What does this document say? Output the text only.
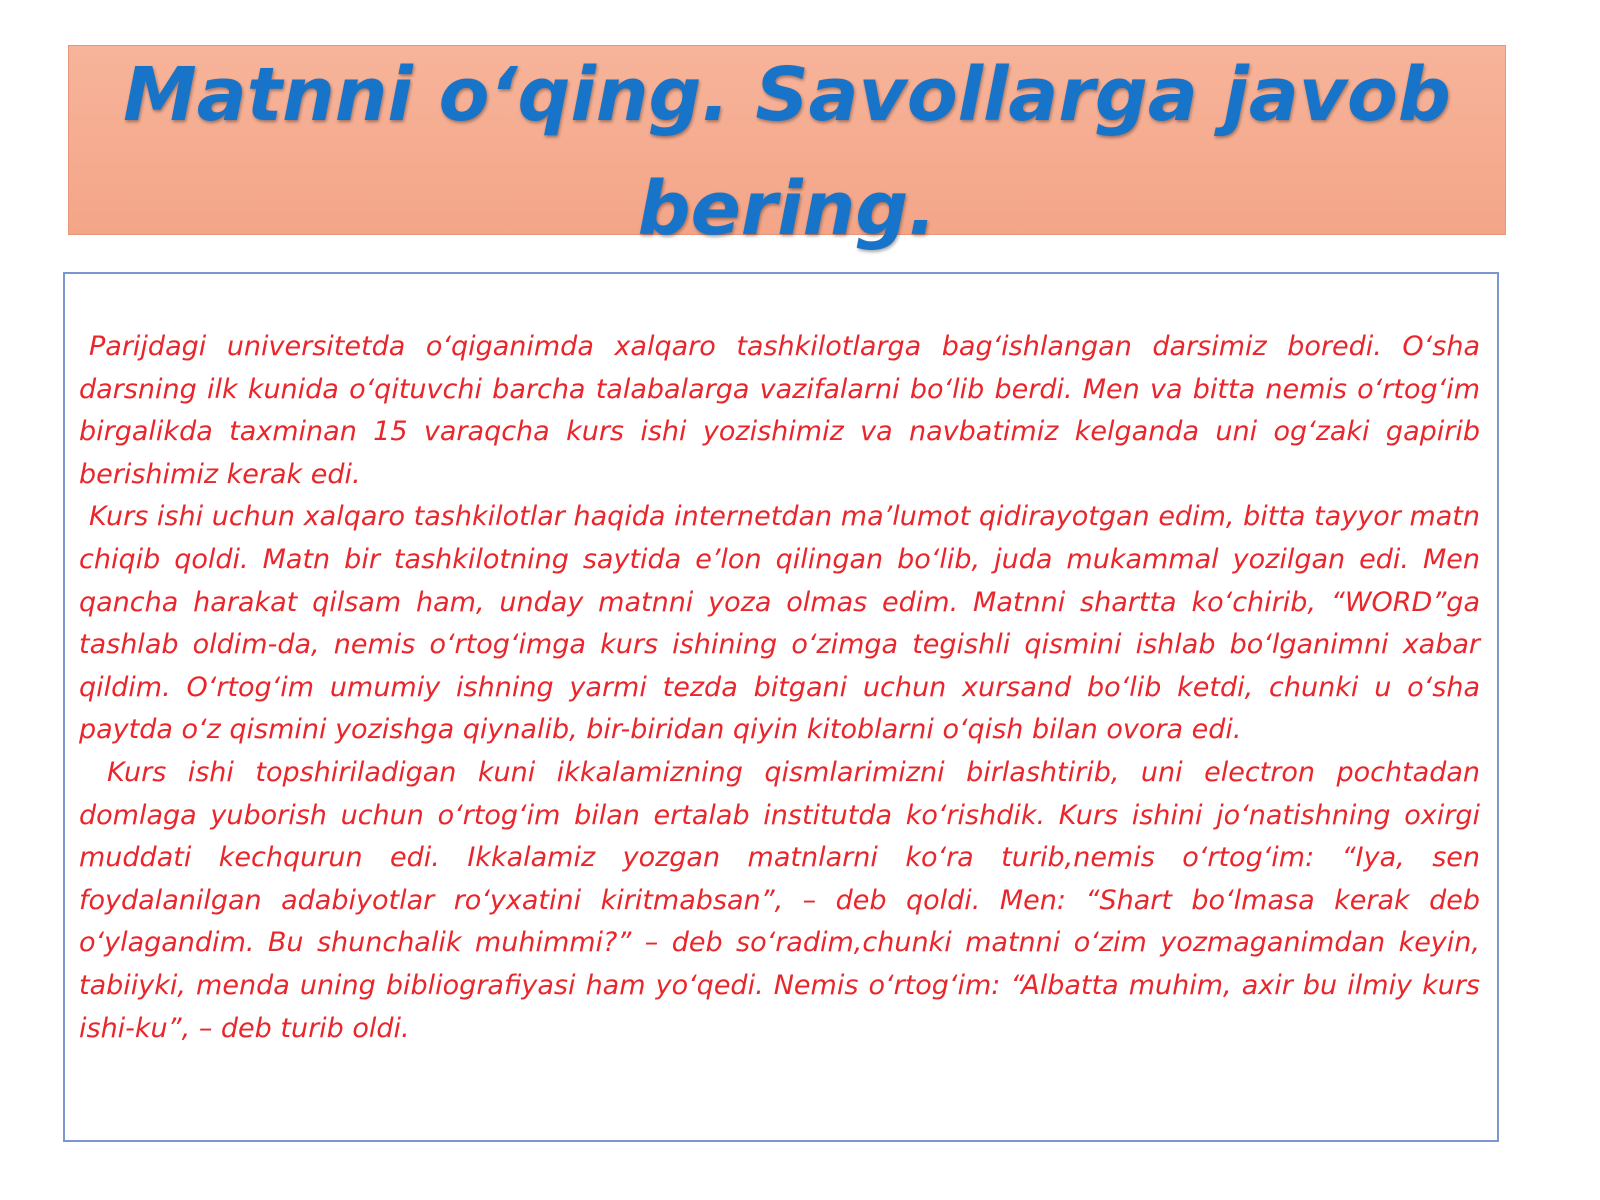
Matnni o‘qing. Savollarga javob bering.

Parijdagi universitetda o‘qiganimda xalqaro tashkilotlarga bag‘ishlangan darsimiz boredi. O‘sha darsning ilk kunida o‘qituvchi barcha talabalarga vazifalarni bo‘lib berdi. Men va bitta nemis o‘rtog‘im birgalikda taxminan 15 varaqcha kurs ishi yozishimiz va navbatimiz kelganda uni og‘zaki gapirib berishimiz kerak edi.

Kurs ishi uchun xalqaro tashkilotlar haqida internetdan ma’lumot qidirayotgan edim, bitta tayyor matn chiqib qoldi. Matn bir tashkilotning saytida e’lon qilingan bo‘lib, juda mukammal yozilgan edi. Men qancha harakat qilsam ham, unday matnni yoza olmas edim. Matnni shartta ko‘chirib, “WORD”ga tashlab oldim-da, nemis o‘rtog‘imga kurs ishining o‘zimga tegishli qismini ishlab bo‘lganimni xabar qildim. O‘rtog‘im umumiy ishning yarmi tezda bitgani uchun xursand bo‘lib ketdi, chunki u o‘sha paytda o‘z qismini yozishga qiynalib, bir-biridan qiyin kitoblarni o‘qish bilan ovora edi.

Kurs ishi topshiriladigan kuni ikkalamizning qismlarimizni birlashtirib, uni electron pochtadan domlaga yuborish uchun o‘rtog‘im bilan ertalab institutda ko‘rishdik. Kurs ishini jo‘natishning oxirgi muddati kechqurun edi. Ikkalamiz yozgan matnlarni ko‘ra turib,nemis o‘rtog‘im: “Iya, sen foydalanilgan adabiyotlar ro‘yxatini kiritmabsan”, – deb qoldi. Men: “Shart bo‘lmasa kerak deb o‘ylagandim. Bu shunchalik muhimmi?” – deb so‘radim,chunki matnni o‘zim yozmaganimdan keyin, tabiiyki, menda uning bibliografiyasi ham yo‘qedi. Nemis o‘rtog‘im: “Albatta muhim, axir bu ilmiy kurs ishi-ku”, – deb turib oldi.
